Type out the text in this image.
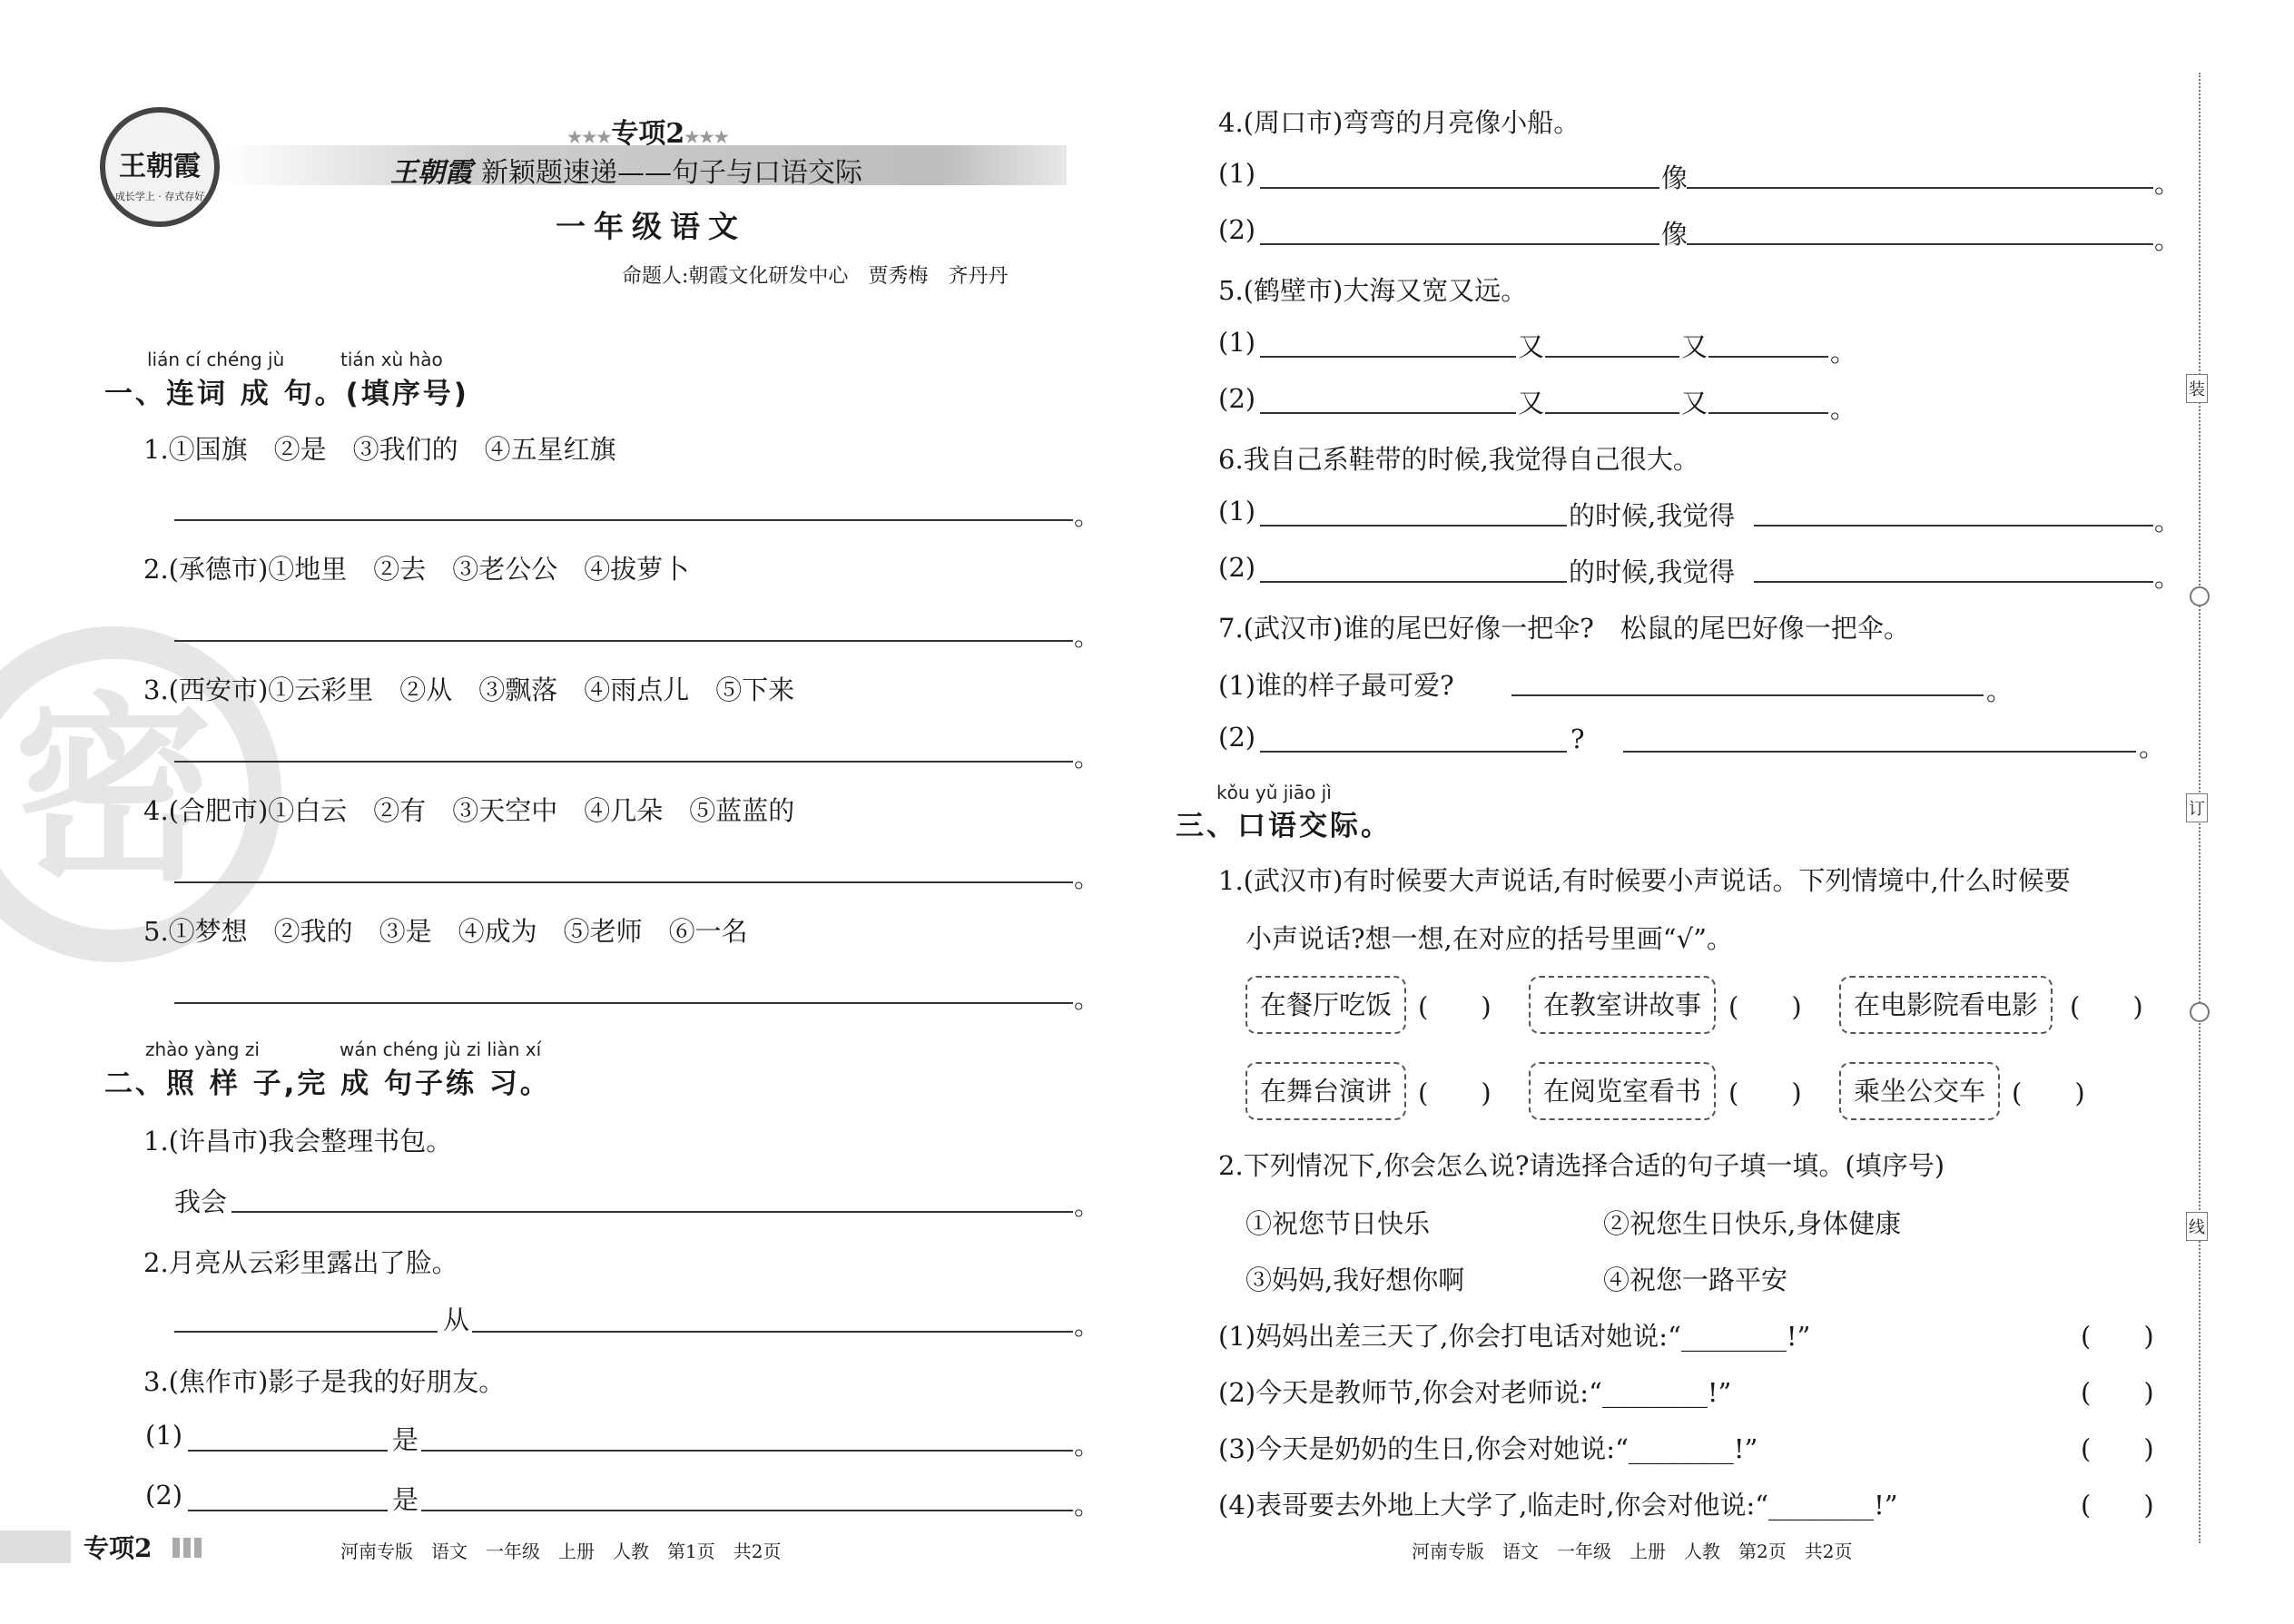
王朝霞
成长学上 · 存式存好
★★★专项2★★★
王朝霞 新颖题速递——句子与口语交际
一年级语文
命题人:朝霞文化研发中心　贾秀梅　齐丹丹
密
lián cí chéng jù	tián xù hào
一、连词 成 句。(填序号)
1.①国旗　②是　③我们的　④五星红旗
。
2.(承德市)①地里　②去　③老公公　④拔萝卜
。
3.(西安市)①云彩里　②从　③飘落　④雨点儿　⑤下来
。
4.(合肥市)①白云　②有　③天空中　④几朵　⑤蓝蓝的
。
5.①梦想　②我的　③是　④成为　⑤老师　⑥一名
。
zhào yàng zi	wán chéng jù zi liàn xí
二、照 样 子,完 成 句子练 习。
1.(许昌市)我会整理书包。
我会	。
2.月亮从云彩里露出了脸。
从	。
3.(焦作市)影子是我的好朋友。
(1)	是	。
(2)	是	。
专项2	河南专版　语文　一年级　上册　人教　第1页　共2页
4.(周口市)弯弯的月亮像小船。
(1)	像	。
(2)	像	。
5.(鹤壁市)大海又宽又远。
(1)	又	又	。
(2)	又	又	。
6.我自己系鞋带的时候,我觉得自己很大。
(1)	的时候,我觉得	。
(2)	的时候,我觉得	。
7.(武汉市)谁的尾巴好像一把伞?　松鼠的尾巴好像一把伞。
(1)谁的样子最可爱?	。
(2)	?	。
kǒu yǔ jiāo jì
三、口语交际。
1.(武汉市)有时候要大声说话,有时候要小声说话。下列情境中,什么时候要
小声说话?想一想,在对应的括号里画“√”。
在餐厅吃饭 (　　)	在教室讲故事	(　　)	在电影院看电影	(　　)
在舞台演讲 (　　)	在阅览室看书	(　　)	乘坐公交车 (　　)
2.下列情况下,你会怎么说?请选择合适的句子填一填。(填序号)
①祝您节日快乐	②祝您生日快乐,身体健康
③妈妈,我好想你啊	④祝您一路平安
(1)妈妈出差三天了,你会打电话对她说:“________!”	(　　)
(2)今天是教师节,你会对老师说:“________!”	(　　)
(3)今天是奶奶的生日,你会对她说:“________!”	(　　)
(4)表哥要去外地上大学了,临走时,你会对他说:“________!”	(　　)
河南专版　语文　一年级　上册　人教　第2页　共2页
装
订
线
